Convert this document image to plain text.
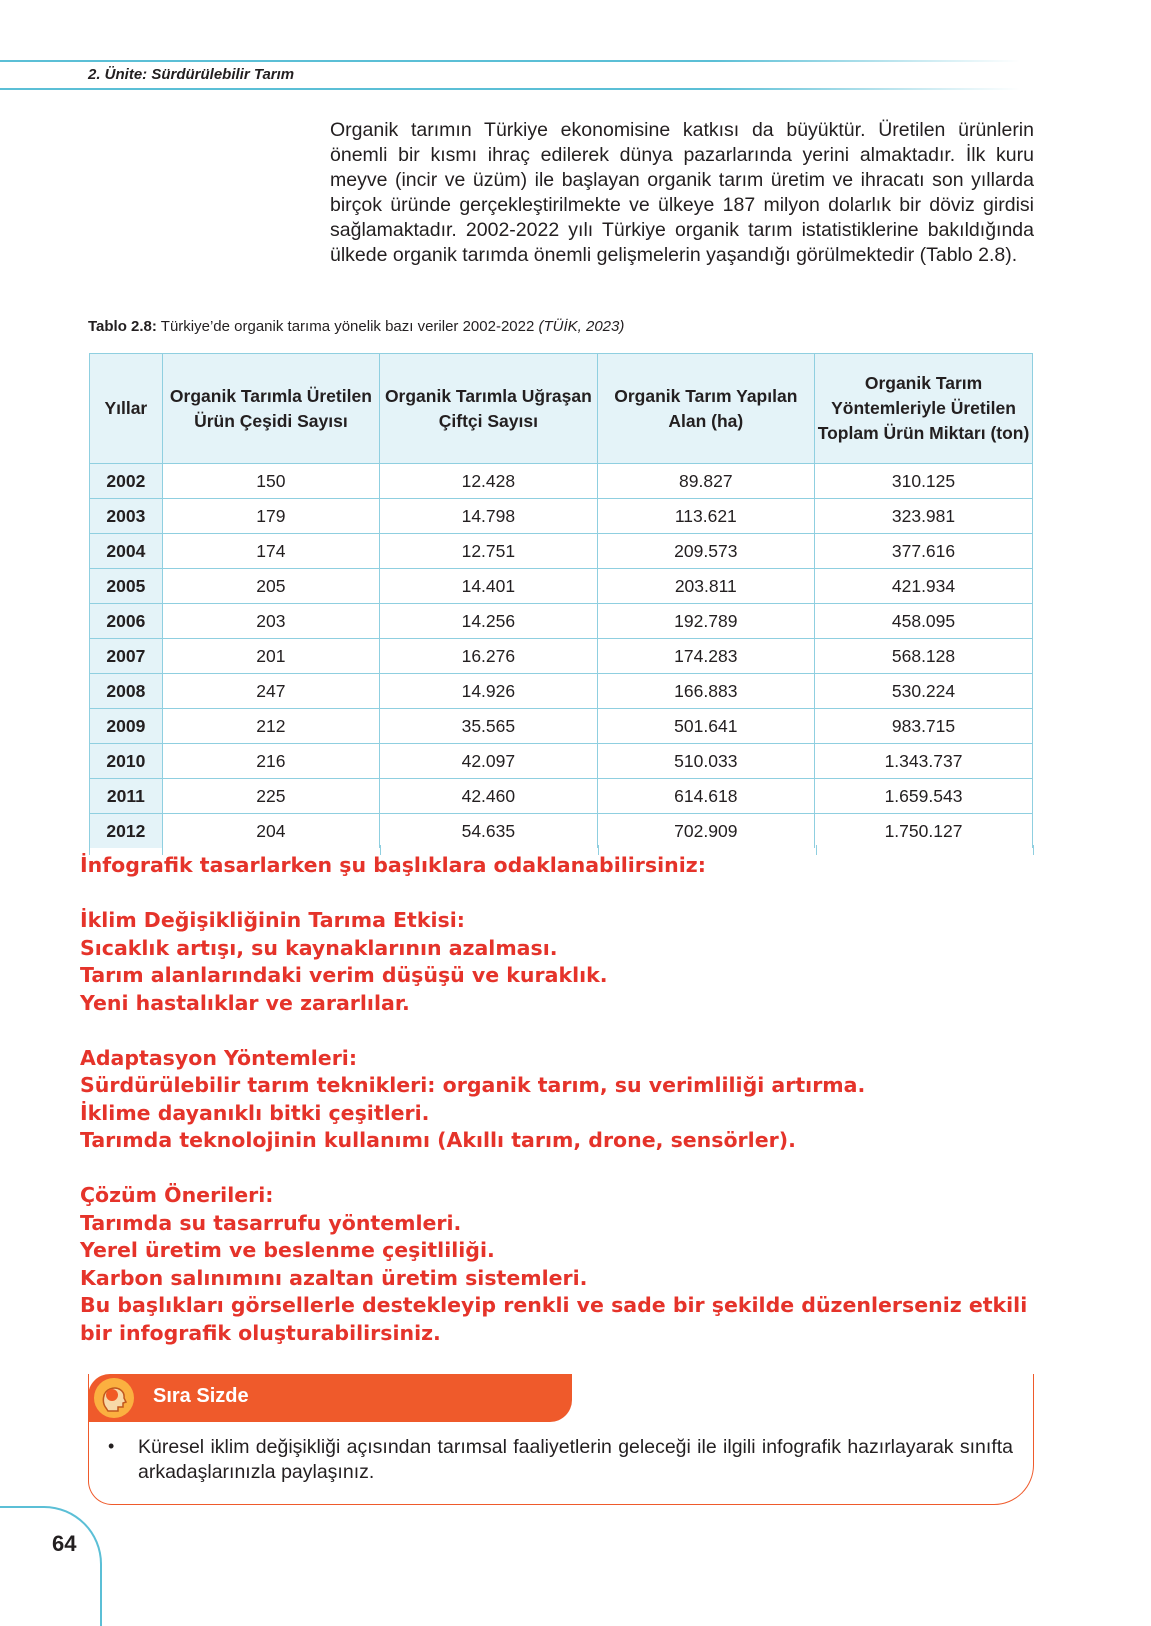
2. Ünite: Sürdürülebilir Tarım
Organik tarımın Türkiye ekonomisine katkısı da büyüktür. Üretilen ürünlerin önemli bir kısmı ihraç edilerek dünya pazarlarında yerini almaktadır. İlk kuru meyve (incir ve üzüm) ile başlayan organik tarım üretim ve ihracatı son yıllarda birçok üründe gerçekleştirilmekte ve ülkeye 187 milyon dolarlık bir döviz girdisi sağlamaktadır. 2002-2022 yılı Türkiye organik tarım istatistiklerine bakıldığında ülkede organik tarımda önemli gelişmelerin yaşandığı görülmektedir (Tablo 2.8).
Tablo 2.8: Türkiye’de organik tarıma yönelik bazı veriler 2002-2022 (TÜİK, 2023)
Yıllar	Organik Tarımla Üretilen Ürün Çeşidi Sayısı	Organik Tarımla Uğraşan Çiftçi Sayısı	Organik Tarım Yapılan Alan (ha)	Organik Tarım Yöntemleriyle Üretilen Toplam Ürün Miktarı (ton)
2002	150	12.428	89.827	310.125
2003	179	14.798	113.621	323.981
2004	174	12.751	209.573	377.616
2005	205	14.401	203.811	421.934
2006	203	14.256	192.789	458.095
2007	201	16.276	174.283	568.128
2008	247	14.926	166.883	530.224
2009	212	35.565	501.641	983.715
2010	216	42.097	510.033	1.343.737
2011	225	42.460	614.618	1.659.543
2012	204	54.635	702.909	1.750.127

İnfografik tasarlarken şu başlıklara odaklanabilirsiniz:

İklim Değişikliğinin Tarıma Etkisi:

Sıcaklık artışı, su kaynaklarının azalması.

Tarım alanlarındaki verim düşüşü ve kuraklık.

Yeni hastalıklar ve zararlılar.

Adaptasyon Yöntemleri:

Sürdürülebilir tarım teknikleri: organik tarım, su verimliliği artırma.

İklime dayanıklı bitki çeşitleri.

Tarımda teknolojinin kullanımı (Akıllı tarım, drone, sensörler).

Çözüm Önerileri:

Tarımda su tasarrufu yöntemleri.

Yerel üretim ve beslenme çeşitliliği.

Karbon salınımını azaltan üretim sistemleri.

Bu başlıkları görsellerle destekleyip renkli ve sade bir şekilde düzenlerseniz etkili bir infografik oluşturabilirsiniz.

Sıra Sizde
• Küresel iklim değişikliği açısından tarımsal faaliyetlerin geleceği ile ilgili infografik hazırlayarak sınıfta arkadaşlarınızla paylaşınız.
64
